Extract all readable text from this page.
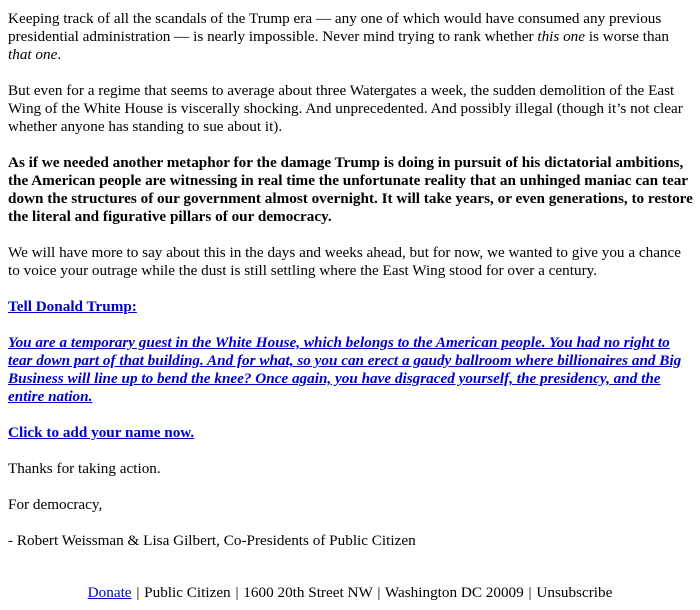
Keeping track of all the scandals of the Trump era — any one of which would have consumed any previous presidential administration — is nearly impossible. Never mind trying to rank whether this one is worse than that one.

But even for a regime that seems to average about three Watergates a week, the sudden demolition of the East Wing of the White House is viscerally shocking. And unprecedented. And possibly illegal (though it’s not clear whether anyone has standing to sue about it).

As if we needed another metaphor for the damage Trump is doing in pursuit of his dictatorial ambitions, the American people are witnessing in real time the unfortunate reality that an unhinged maniac can tear down the structures of our government almost overnight. It will take years, or even generations, to restore the literal and figurative pillars of our democracy.

We will have more to say about this in the days and weeks ahead, but for now, we wanted to give you a chance to voice your outrage while the dust is still settling where the East Wing stood for over a century.

Tell Donald Trump:

You are a temporary guest in the White House, which belongs to the American people. You had no right to tear down part of that building. And for what, so you can erect a gaudy ballroom where billionaires and Big Business will line up to bend the knee? Once again, you have disgraced yourself, the presidency, and the entire nation.

Click to add your name now.

Thanks for taking action.

For democracy,

- Robert Weissman & Lisa Gilbert, Co-Presidents of Public Citizen

Donate | Public Citizen | 1600 20th Street NW | Washington DC 20009 | Unsubscribe
